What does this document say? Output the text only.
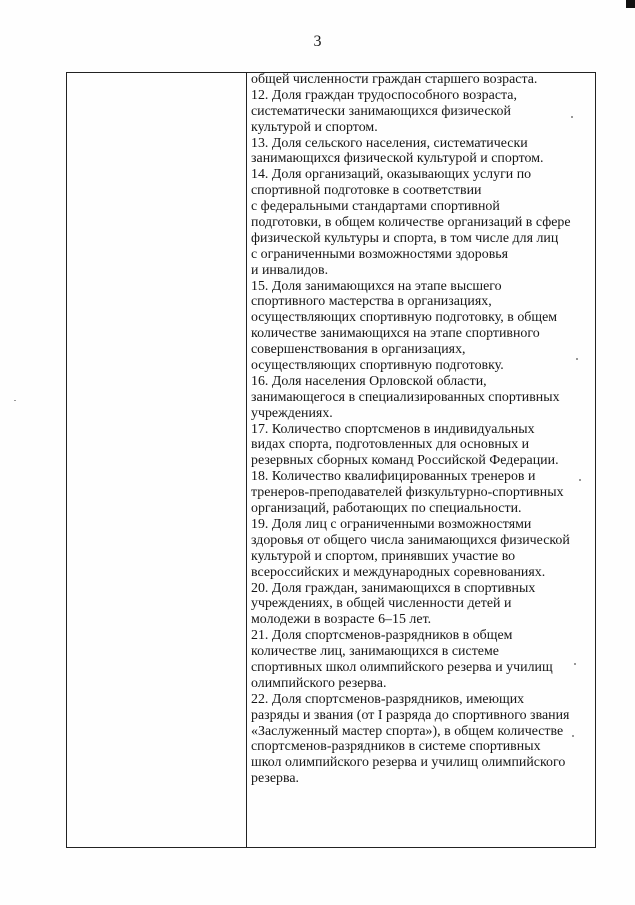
3
общей численности граждан старшего возраста.
12. Доля граждан трудоспособного возраста,
систематически занимающихся физической
культурой и спортом.
13. Доля сельского населения, систематически
занимающихся физической культурой и спортом.
14. Доля организаций, оказывающих услуги по
спортивной подготовке в соответствии
с федеральными стандартами спортивной
подготовки, в общем количестве организаций в сфере
физической культуры и спорта, в том числе для лиц
с ограниченными возможностями здоровья
и инвалидов.
15. Доля занимающихся на этапе высшего
спортивного мастерства в организациях,
осуществляющих спортивную подготовку, в общем
количестве занимающихся на этапе спортивного
совершенствования в организациях,
осуществляющих спортивную подготовку.
16. Доля населения Орловской области,
занимающегося в специализированных спортивных
учреждениях.
17. Количество спортсменов в индивидуальных
видах спорта, подготовленных для основных и
резервных сборных команд Российской Федерации.
18. Количество квалифицированных тренеров и
тренеров-преподавателей физкультурно-спортивных
организаций, работающих по специальности.
19. Доля лиц с ограниченными возможностями
здоровья от общего числа занимающихся физической
культурой и спортом, принявших участие во
всероссийских и международных соревнованиях.
20. Доля граждан, занимающихся в спортивных
учреждениях, в общей численности детей и
молодежи в возрасте 6–15 лет.
21. Доля спортсменов-разрядников в общем
количестве лиц, занимающихся в системе
спортивных школ олимпийского резерва и училищ
олимпийского резерва.
22. Доля спортсменов-разрядников, имеющих
разряды и звания (от I разряда до спортивного звания
«Заслуженный мастер спорта»), в общем количестве
спортсменов-разрядников в системе спортивных
школ олимпийского резерва и училищ олимпийского
резерва.
